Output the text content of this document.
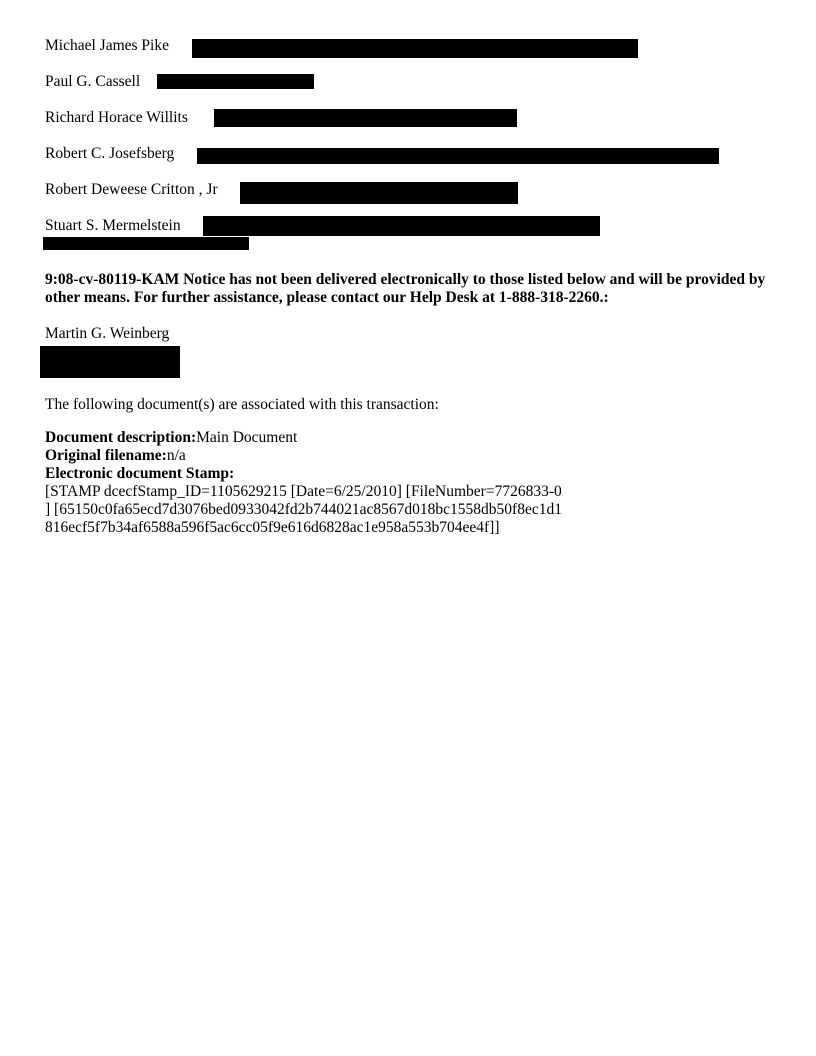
Michael James Pike
Paul G. Cassell
Richard Horace Willits
Robert C. Josefsberg
Robert Deweese Critton , Jr
Stuart S. Mermelstein
9:08-cv-80119-KAM Notice has not been delivered electronically to those listed below and will be provided by other means. For further assistance, please contact our Help Desk at 1-888-318-2260.:
Martin G. Weinberg
The following document(s) are associated with this transaction:
Document description:Main Document
Original filename:n/a
Electronic document Stamp:
[STAMP dcecfStamp_ID=1105629215 [Date=6/25/2010] [FileNumber=7726833-0
] [65150c0fa65ecd7d3076bed0933042fd2b744021ac8567d018bc1558db50f8ec1d1
816ecf5f7b34af6588a596f5ac6cc05f9e616d6828ac1e958a553b704ee4f]]
